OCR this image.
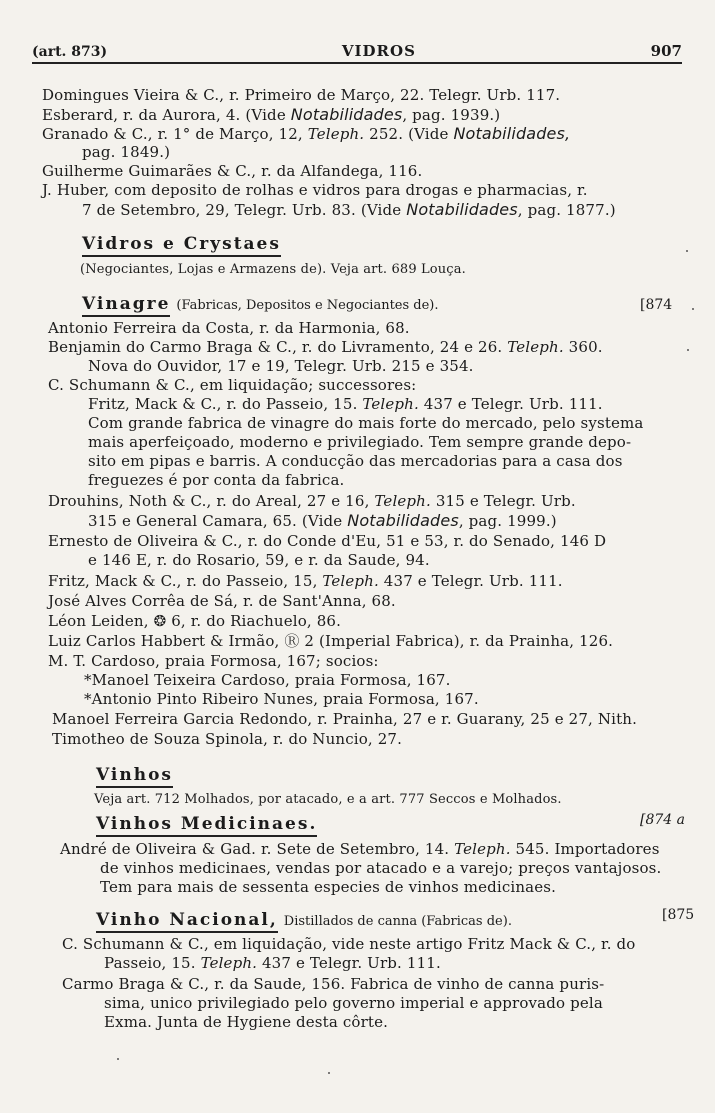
(art. 873)	VIDROS	907
Domingues Vieira & C., r. Primeiro de Março, 22. Telegr. Urb. 117.
Esberard, r. da Aurora, 4. (Vide Notabilidades, pag. 1939.)
Granado & C., r. 1° de Março, 12, Teleph. 252. (Vide Notabilidades,
pag. 1849.)
Guilherme Guimarães & C., r. da Alfandega, 116.
J. Huber, com deposito de rolhas e vidros para drogas e pharmacias, r.
7 de Setembro, 29, Telegr. Urb. 83. (Vide Notabilidades, pag. 1877.)
Vidros e Crystaes
(Negociantes, Lojas e Armazens de). Veja art. 689 Louça.
Vinagre (Fabricas, Depositos e Negociantes de).	[874
Antonio Ferreira da Costa, r. da Harmonia, 68.
Benjamin do Carmo Braga & C., r. do Livramento, 24 e 26. Teleph. 360.
Nova do Ouvidor, 17 e 19, Telegr. Urb. 215 e 354.
C. Schumann & C., em liquidação; successores:
Fritz, Mack & C., r. do Passeio, 15. Teleph. 437 e Telegr. Urb. 111.
Com grande fabrica de vinagre do mais forte do mercado, pelo systema
mais aperfeiçoado, moderno e privilegiado. Tem sempre grande depo-
sito em pipas e barris. A conducção das mercadorias para a casa dos
freguezes é por conta da fabrica.
Drouhins, Noth & C., r. do Areal, 27 e 16, Teleph. 315 e Telegr. Urb.
315 e General Camara, 65. (Vide Notabilidades, pag. 1999.)
Ernesto de Oliveira & C., r. do Conde d'Eu, 51 e 53, r. do Senado, 146 D
e 146 E, r. do Rosario, 59, e r. da Saude, 94.
Fritz, Mack & C., r. do Passeio, 15, Teleph. 437 e Telegr. Urb. 111.
José Alves Corrêa de Sá, r. de Sant'Anna, 68.
Léon Leiden, ❂ 6, r. do Riachuelo, 86.
Luiz Carlos Habbert & Irmão, Ⓡ 2 (Imperial Fabrica), r. da Prainha, 126.
M. T. Cardoso, praia Formosa, 167; socios:
*Manoel Teixeira Cardoso, praia Formosa, 167.
*Antonio Pinto Ribeiro Nunes, praia Formosa, 167.
Manoel Ferreira Garcia Redondo, r. Prainha, 27 e r. Guarany, 25 e 27, Nith.
Timotheo de Souza Spinola, r. do Nuncio, 27.
Vinhos
Veja art. 712 Molhados, por atacado, e a art. 777 Seccos e Molhados.
Vinhos Medicinaes.	[874 a
André de Oliveira & Gad. r. Sete de Setembro, 14. Teleph. 545. Importadores
de vinhos medicinaes, vendas por atacado e a varejo; preços vantajosos.
Tem para mais de sessenta especies de vinhos medicinaes.
Vinho Nacional, Distillados de canna (Fabricas de).	[875
C. Schumann & C., em liquidação, vide neste artigo Fritz Mack & C., r. do
Passeio, 15. Teleph. 437 e Telegr. Urb. 111.
Carmo Braga & C., r. da Saude, 156. Fabrica de vinho de canna puris-
sima, unico privilegiado pelo governo imperial e approvado pela
Exma. Junta de Hygiene desta côrte.
